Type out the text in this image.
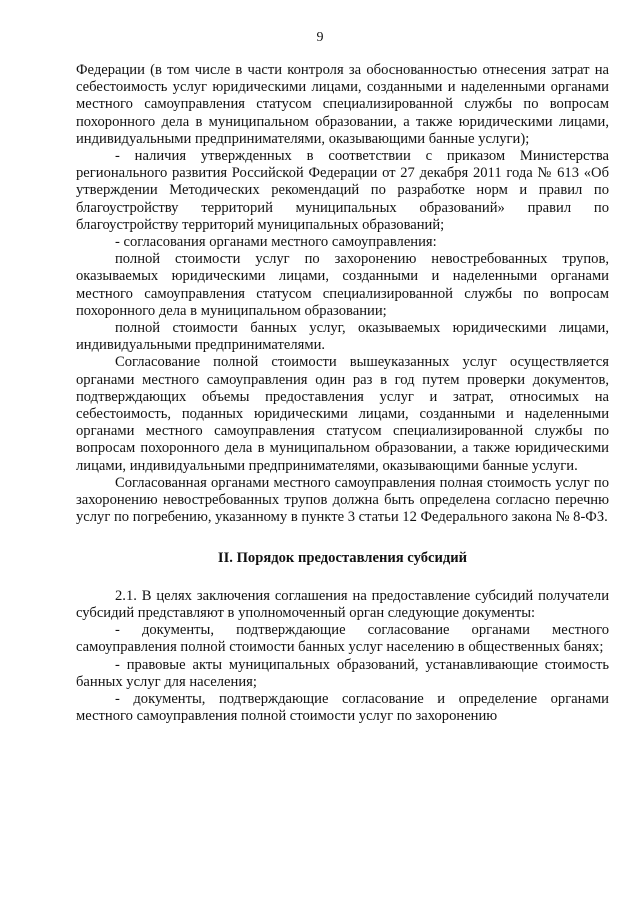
9

Федерации (в том числе в части контроля за обоснованностью отнесения затрат на себестоимость услуг юридическими лицами, созданными и наделенными органами местного самоуправления статусом специализированной службы по вопросам похоронного дела в муниципальном образовании, а также юридическими лицами, индивидуальными предпринимателями, оказывающими банные услуги);

- наличия утвержденных в соответствии с приказом Министерства регионального развития Российской Федерации от 27 декабря 2011 года № 613 «Об утверждении Методических рекомендаций по разработке норм и правил по благоустройству территорий муниципальных образований» правил по благоустройству территорий муниципальных образований;

- согласования органами местного самоуправления:

полной стоимости услуг по захоронению невостребованных трупов, оказываемых юридическими лицами, созданными и наделенными органами местного самоуправления статусом специализированной службы по вопросам похоронного дела в муниципальном образовании;

полной стоимости банных услуг, оказываемых юридическими лицами, индивидуальными предпринимателями.

Согласование полной стоимости вышеуказанных услуг осуществляется органами местного самоуправления один раз в год путем проверки документов, подтверждающих объемы предоставления услуг и затрат, относимых на себестоимость, поданных юридическими лицами, созданными и наделенными органами местного самоуправления статусом специализированной службы по вопросам похоронного дела в муниципальном образовании, а также юридическими лицами, индивидуальными предпринимателями, оказывающими банные услуги.

Согласованная органами местного самоуправления полная стоимость услуг по захоронению невостребованных трупов должна быть определена согласно перечню услуг по погребению, указанному в пункте 3 статьи 12 Федерального закона № 8-ФЗ.

II. Порядок предоставления субсидий

2.1. В целях заключения соглашения на предоставление субсидий получатели субсидий представляют в уполномоченный орган следующие документы:

- документы, подтверждающие согласование органами местного самоуправления полной стоимости банных услуг населению в общественных банях;

- правовые акты муниципальных образований, устанавливающие стоимость банных услуг для населения;

- документы, подтверждающие согласование и определение органами местного самоуправления полной стоимости услуг по захоронению
